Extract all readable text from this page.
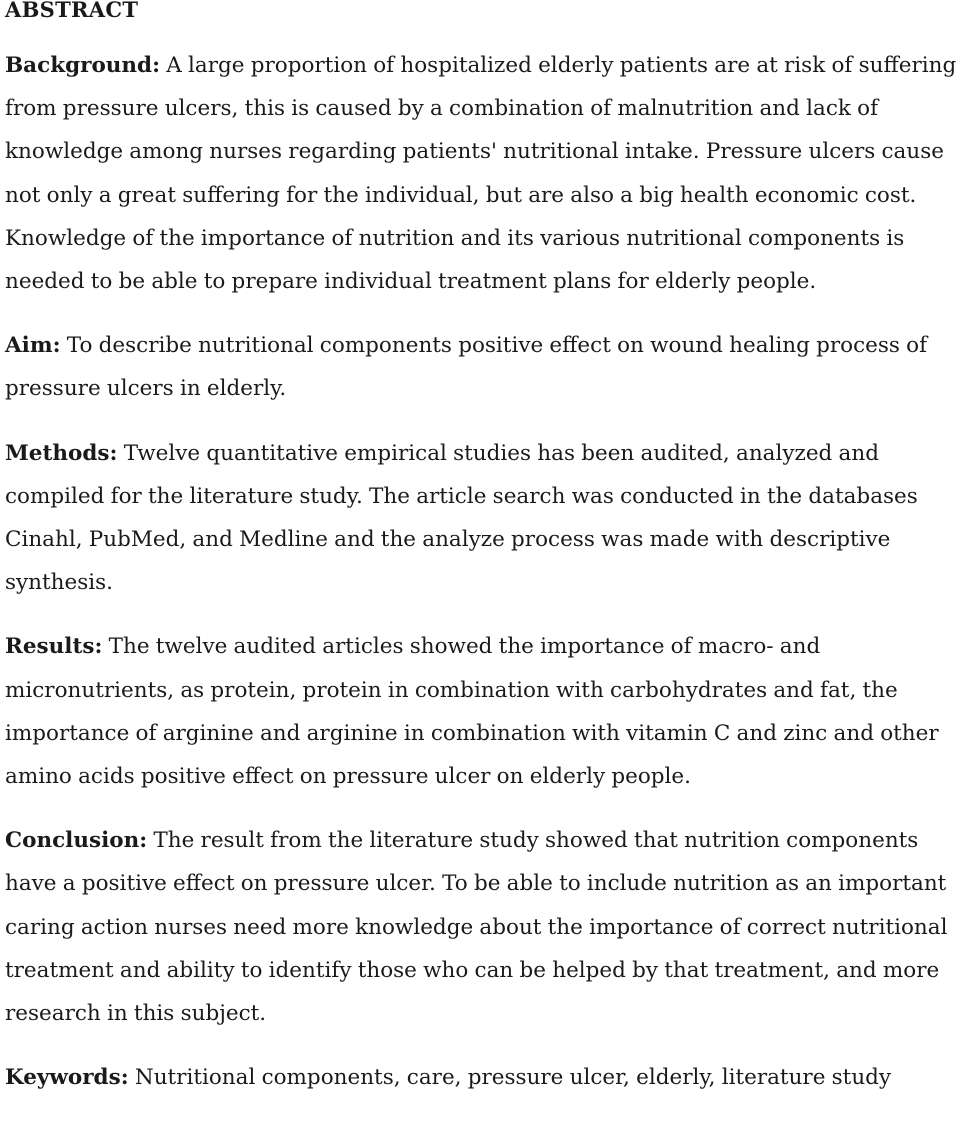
ABSTRACT

Background: A large proportion of hospitalized elderly patients are at risk of suffering from pressure ulcers, this is caused by a combination of malnutrition and lack of knowledge among nurses regarding patients' nutritional intake. Pressure ulcers cause not only a great suffering for the individual, but are also a big health economic cost. Knowledge of the importance of nutrition and its various nutritional components is needed to be able to prepare individual treatment plans for elderly people.

Aim: To describe nutritional components positive effect on wound healing process of pressure ulcers in elderly.

Methods: Twelve quantitative empirical studies has been audited, analyzed and compiled for the literature study. The article search was conducted in the databases Cinahl, PubMed, and Medline and the analyze process was made with descriptive synthesis.

Results: The twelve audited articles showed the importance of macro- and micronutrients, as protein, protein in combination with carbohydrates and fat, the importance of arginine and arginine in combination with vitamin C and zinc and other amino acids positive effect on pressure ulcer on elderly people.

Conclusion: The result from the literature study showed that nutrition components have a positive effect on pressure ulcer. To be able to include nutrition as an important caring action nurses need more knowledge about the importance of correct nutritional treatment and ability to identify those who can be helped by that treatment, and more research in this subject.

Keywords: Nutritional components, care, pressure ulcer, elderly, literature study
